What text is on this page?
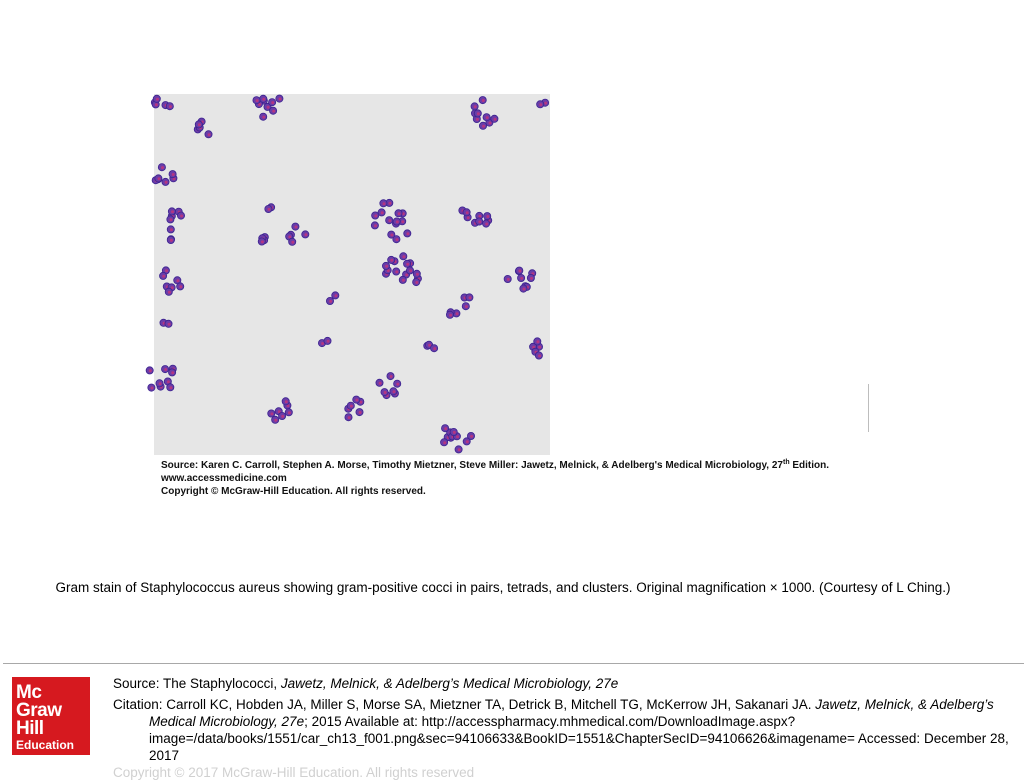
Source: Karen C. Carroll, Stephen A. Morse, Timothy Mietzner, Steve Miller: Jawetz, Melnick, & Adelberg's Medical Microbiology, 27th Edition.
www.accessmedicine.com
Copyright © McGraw-Hill Education. All rights reserved.
Gram stain of Staphylococcus aureus showing gram-positive cocci in pairs, tetrads, and clusters. Original magnification × 1000. (Courtesy of L Ching.)
Mc
Graw
Hill
Education
Source: The Staphylococci, Jawetz, Melnick, & Adelberg’s Medical Microbiology, 27e
Citation: Carroll KC, Hobden JA, Miller S, Morse SA, Mietzner TA, Detrick B, Mitchell TG, McKerrow JH, Sakanari JA. Jawetz, Melnick, & Adelberg’s Medical Microbiology, 27e; 2015 Available at: http://accesspharmacy.mhmedical.com/DownloadImage.aspx?image=/data/books/1551/car_ch13_f001.png&sec=94106633&BookID=1551&ChapterSecID=94106626&imagename= Accessed: December 28, 2017
Copyright © 2017 McGraw-Hill Education. All rights reserved
